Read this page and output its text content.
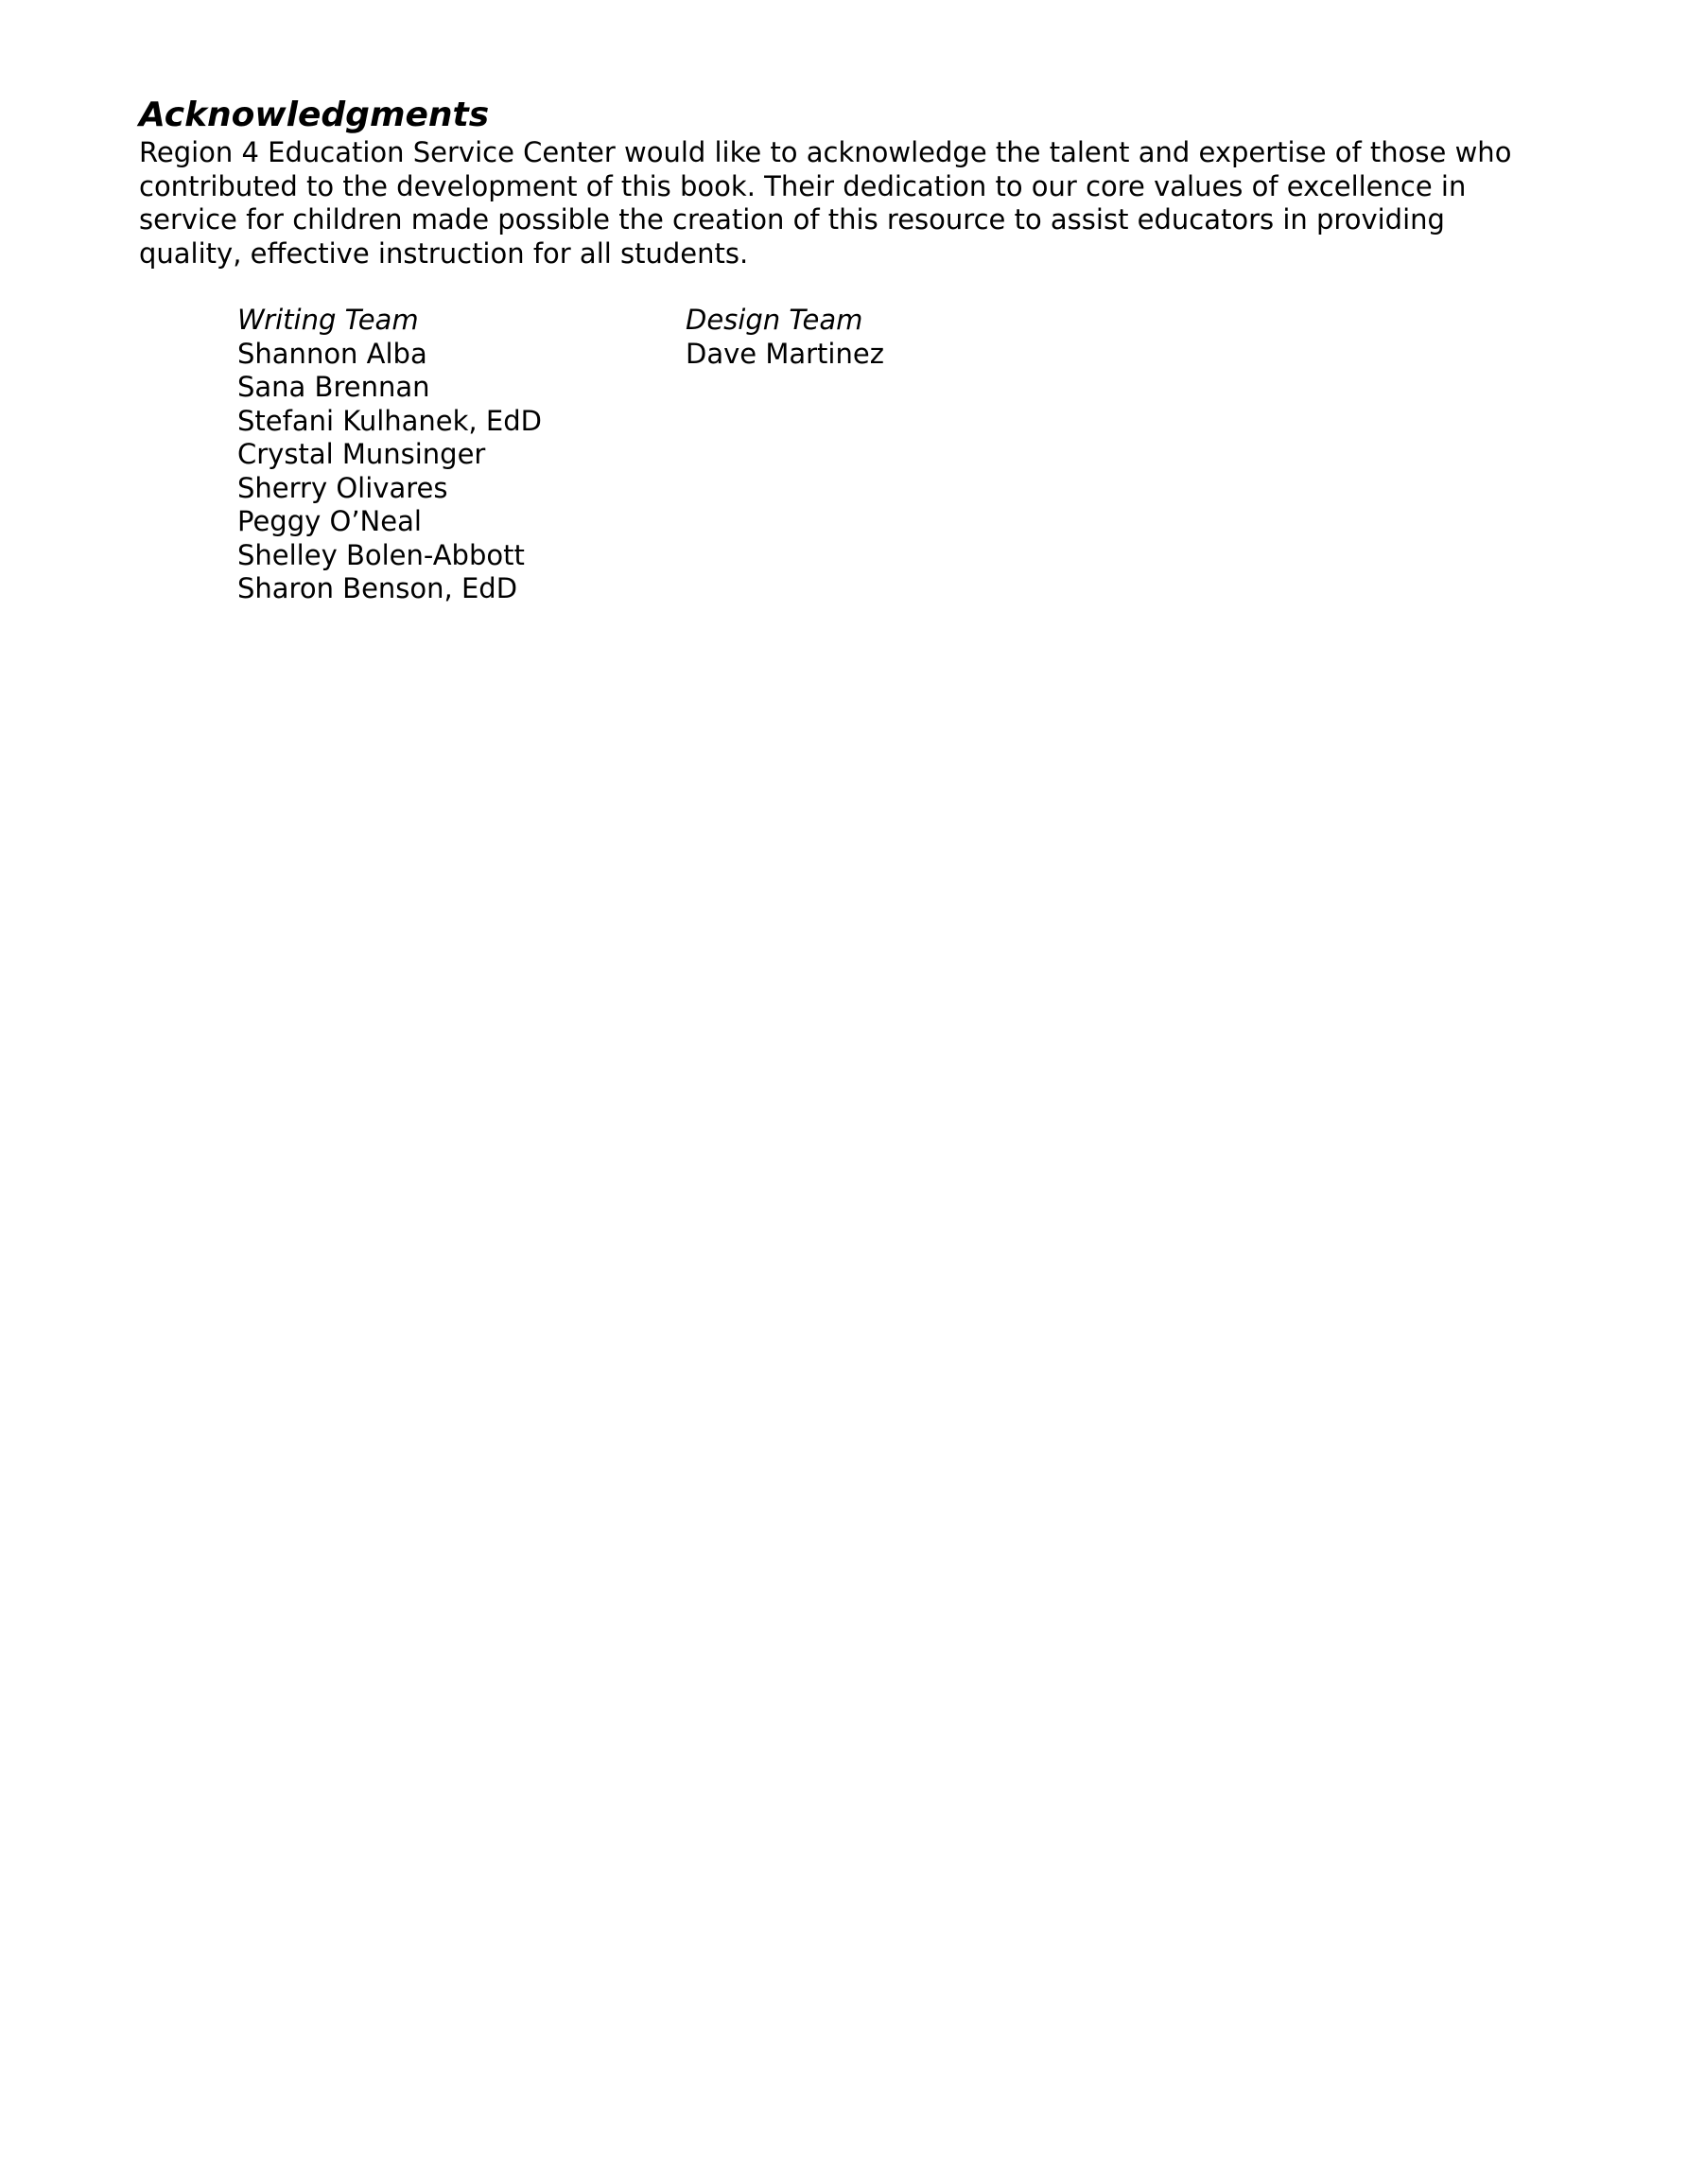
Acknowledgments

Region 4 Education Service Center would like to acknowledge the talent and expertise of those who
contributed to the development of this book. Their dedication to our core values of excellence in
service for children made possible the creation of this resource to assist educators in providing
quality, effective instruction for all students.

Writing Team
Shannon Alba
Sana Brennan
Stefani Kulhanek, EdD
Crystal Munsinger
Sherry Olivares
Peggy O’Neal
Shelley Bolen-Abbott
Sharon Benson, EdD
Design Team
Dave Martinez
